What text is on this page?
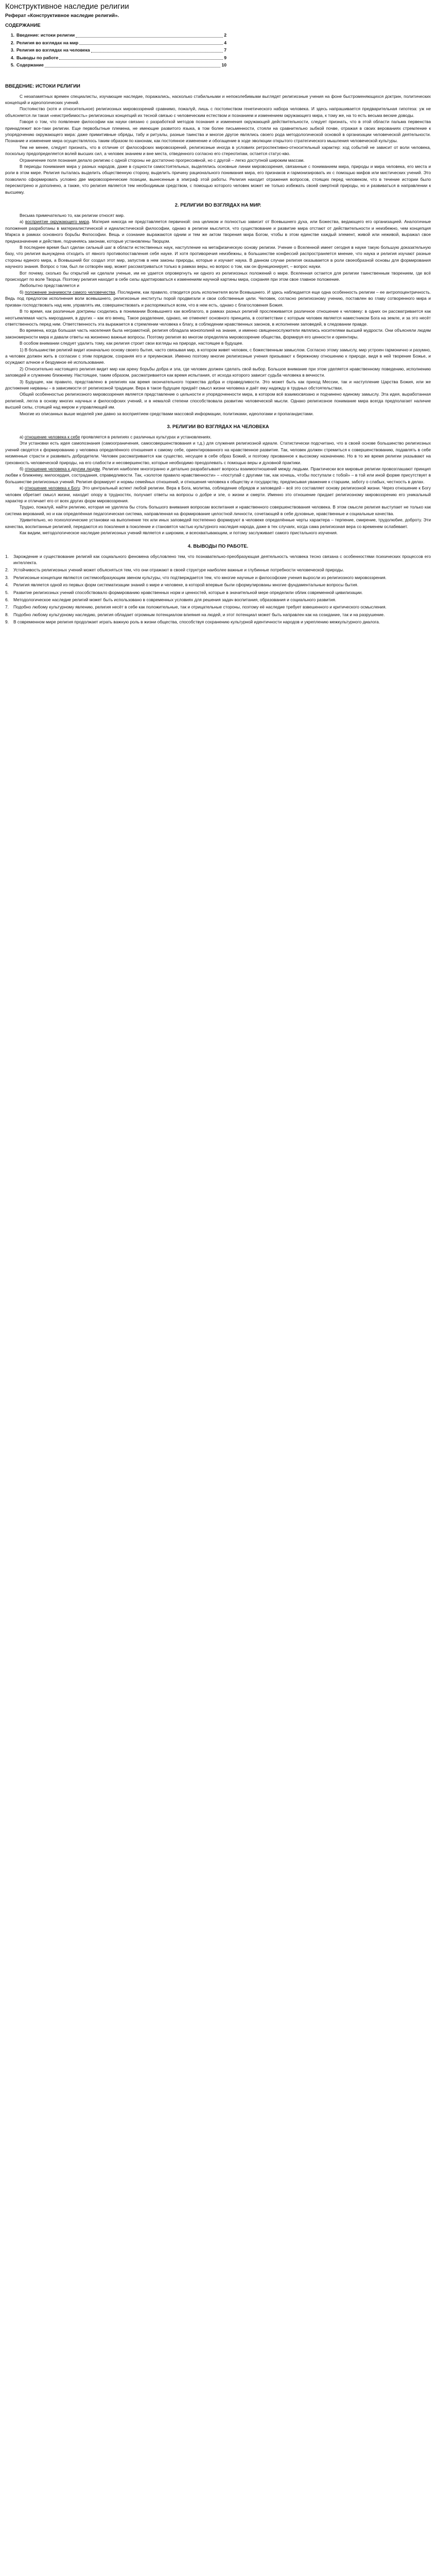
Конструктивное наследие религии
Реферат «Конструктивное наследие религий».
СОДЕРЖАНИЕ
1. Введение: истоки религии	2
2. Религия во взглядах на мир	4
3. Религия во взглядах на человека	7
4. Выводы по работе	9
5. Содержание	10
ВВЕДЕНИЕ: ИСТОКИ РЕЛИГИИ

С незапамятных времен специалисты, изучающие наследие, поражались, насколько стабильными и непоколебимыми выглядят религиозные учения на фоне быстроменяющихся доктрин, политических концепций и идеологических учений.

Постоянство (хотя и относительное) религиозных мировоззрений сравнимо, пожалуй, лишь с постоянством генетического набора человека. И здесь напрашивается предварительная гипотеза: уж не объясняется ли такая «неистребимость» религиозных концепций их тесной связью с человеческим естеством и познанием и изменением окружающего мира, к тому же, на то есть весьма веские доводы.

Говоря о том, что появление философии как науки связано с разработкой методов познания и изменения окружающей действительности, следует признать, что в этой области пальма первенства принадлежит все-таки религии. Еще первобытные племена, не имеющие развитого языка, в том более письменности, стояли на сравнительно зыбкой почве, отражая в своих верованиях стремление к упорядочению окружающего мира: даже примитивные обряды, табу и ритуалы, разные таинства и многое другое являлись своего рода методологической основой в организации человеческой деятельности. Познание и изменение мира осуществлялось таким образом по канонам, как постоянное изменение и обогащение в ходе эволюции открытого стратегического мышления человеческой культуры.

Тем не менее, следует признать, что в отличие от философских мировоззрений, религиозные иногда в условиях ретроспективно-относительный характер: ход событий не зависит от воли человека, поскольку предопределяется волей высших сил, а человек знанием и вне места, отведенного согласно его стереотипам, остается статус-кво.

Ограничение поля познания делало религию с одной стороны не достаточно прогрессивной, но с другой – легко доступной широким массам.

В периоды понимания мира у разных народов, даже в сущности самостоятельных, выделялись основные линии мировоззрения, связанные с пониманием мира, природы и мира человека, его места и роли в этом мире. Религия пыталась выделить общественную сторону, выделить причину рационального понимания мира, его признаков и гармонизировать их с помощью мифов или мистических учений. Это позволило сформировать условно две мировоззренческие позиции, вынесенные в эпиграф этой работы. Религия находит отражения вопросов, стоящих перед человеком, что в течение истории было пересмотрено и дополнено, а также, что религия является тем необходимым средством, с помощью которого человек может не только избежать своей смертной природы, но и развиваться в направлении к высшему.

2. РЕЛИГИИ ВО ВЗГЛЯДАХ НА МИР.

Весьма примечательно то, как религии относят мир.

а) восприятие окружающего мира. Материя никогда не представляется первичной: она целиком и полностью зависит от Всевышнего духа, или Божества, ведающего его организацией. Аналогичные положения разработаны в материалистической и идеалистической философии, однако в религии мыслится, что существование и развитие мира отстают от действительности и неизбежно, чем концепция Маркса в рамках основного борьбы Философии. Вещь и сознание выражаются одним и тем же актом творения мира Богом, чтобы в этом единстве каждый элемент, живой или неживой, выражал свое предназначение и действие, подчиняясь законам, которые установлены Творцом.

В последнее время был сделан сильный шаг в области естественных наук, наступление на метафизическую основу религии. Учение о Вселенной имеет сегодня в науке такую большую доказательную базу, что религия вынуждена отходить от явного противопоставления себя науке. И хотя противоречия неизбежны, в большинстве конфессий распространяется мнение, что наука и религия изучают разные стороны единого мира, а Всевышний бог создал этот мир, запустив в нем законы природы, которые и изучает наука. В данном случае религия оказывается в роли своеобразной основы для формирования научного знания. Вопрос о том, был ли сотворён мир, может рассматриваться только в рамках веры, но вопрос о том, как он функционирует, – вопрос науки.

Вот почему, сколько бы открытий ни сделали ученые, им не удается опровергнуть ни одного из религиозных положений о мире. Вселенная остается для религии таинственным творением, где всё происходит по воле Творца. Поэтому религия находит в себе силы адаптироваться к изменениям научной картины мира, сохраняя при этом свое главное положение.

Любопытно представляется и

б) положение значимости самого человечества. Последнем, как правило, отводится роль исполнителя воли Всевышнего. И здесь наблюдается еще одна особенность религии – ее антропоцентричность. Ведь под предлогом исполнения воли всевышнего, религиозные институты порой продвигали и свои собственные цели. Человек, согласно религиозному учению, поставлен во главу сотворенного мира и призван господствовать над ним, управлять им, совершенствовать и распоряжаться всем, что в нем есть, однако с благословения Божия.

В то время, как различные доктрины сходились в понимании Всевышнего как всеблагого, в рамках разных религий прослеживается различное отношение к человеку: в одних он рассматривается как неотъемлемая часть мироздания, в других – как его венец. Такое разделение, однако, не отменяет основного принципа, в соответствии с которым человек является наместником Бога на земле, и за это несёт ответственность перед ним. Ответственность эта выражается в стремлении человека к благу, в соблюдении нравственных законов, в исполнении заповедей, в следовании правде.

Во времена, когда большая часть населения была неграмотной, религия обладала монополией на знание, и именно священнослужители являлись носителями высшей мудрости. Они объясняли людям закономерности мира и давали ответы на жизненно важные вопросы. Поэтому религия во многом определяла мировоззрение общества, формируя его ценности и ориентиры.

В особом внимании следует удалить тому, как религия строит свои взгляды на природе, настоящее в будущее.

1) В большинстве религий видит изначально основу своего бытия, часто связывая мир, в котором живет человек, с божественным замыслом. Согласно этому замыслу, мир устроен гармонично и разумно, а человек должен жить в согласии с этим порядком, сохраняя его и преумножая. Именно поэтому многие религиозные учения призывают к бережному отношению к природе, видя в ней творение Божье, и осуждают алчное и бездумное её использование.

2) Относительно настоящего религия видит мир как арену борьбы добра и зла, где человек должен сделать свой выбор. Большое внимание при этом уделяется нравственному поведению, исполнению заповедей и служению ближнему. Настоящее, таким образом, рассматривается как время испытания, от исхода которого зависит судьба человека в вечности.

3) Будущее, как правило, представлено в религиях как время окончательного торжества добра и справедливости. Это может быть как приход Мессии, так и наступление Царства Божия, или же достижение нирваны – в зависимости от религиозной традиции. Вера в такое будущее придаёт смысл жизни человека и даёт ему надежду в трудных обстоятельствах.

Общей особенностью религиозного мировоззрения является представление о цельности и упорядоченности мира, в котором всё взаимосвязано и подчинено единому замыслу. Эта идея, выработанная религией, легла в основу многих научных и философских учений, и в немалой степени способствовала развитию человеческой мысли. Однако религиозное понимание мира всегда предполагает наличие высшей силы, стоящей над миром и управляющей им.

Многие из описанных выше моделей уже давно за восприятием средствами массовой информации, политиками, идеологами и пропагандистами.

3. РЕЛИГИИ ВО ВЗГЛЯДАХ НА ЧЕЛОВЕКА

а) отношение человека к себе проявляется в религиях с различных культурах и установлениях.

Эти установки есть идея самопознания (самоограничения, самосовершенствования и т.д.) для служения религиозной идеале. Статистически подсчитано, что в своей основе большинство религиозных учений сводятся к формированию у человека определённого отношения к самому себе, ориентированного на нравственное развитие. Так, человек должен стремиться к совершенствованию, подавлять в себе низменные страсти и развивать добродетели. Человек рассматривается как существо, несущее в себе образ Божий, и поэтому призванное к высокому назначению. Но в то же время религии указывают на греховность человеческой природы, на его слабости и несовершенство, которые необходимо преодолевать с помощью веры и духовной практики.

б) отношение человека к другим людям. Религия наиболее многогранно и детально разрабатывает вопросы взаимоотношений между людьми. Практически все мировые религии провозглашают принцип любви к ближнему, милосердия, сострадания, справедливости. Так, «золотое правило нравственности» – «поступай с другими так, как хочешь, чтобы поступали с тобой» – в той или иной форме присутствует в большинстве религиозных учений. Религия формирует и нормы семейных отношений, и отношения человека к обществу и государству, предписывая уважение к старшим, заботу о слабых, честность в делах.

в) отношение человека к Богу. Это центральный аспект любой религии. Вера в Бога, молитва, соблюдение обрядов и заповедей – всё это составляет основу религиозной жизни. Через отношение к Богу человек обретает смысл жизни, находит опору в трудностях, получает ответы на вопросы о добре и зле, о жизни и смерти. Именно это отношение придает религиозному мировоззрению его уникальный характер и отличает его от всех других форм мировоззрения.

Трудно, пожалуй, найти религию, которая не уделяла бы столь большого внимания вопросам воспитания и нравственного совершенствования человека. В этом смысле религия выступает не только как система верований, но и как определённая педагогическая система, направленная на формирование целостной личности, сочетающей в себе духовные, нравственные и социальные качества.

Удивительно, но психологические установки на выполнение тех или иных заповедей постепенно формируют в человеке определённые черты характера – терпение, смирение, трудолюбие, доброту. Эти качества, воспитанные религией, передаются из поколения в поколение и становятся частью культурного наследия народа, даже в тех случаях, когда сама религиозная вера со временем ослабевает.

Как видим, методологическое наследие религиозных учений является и широким, и всеохватывающим, и потому заслуживает самого пристального изучения.

4. ВЫВОДЫ ПО РАБОТЕ.
1. Зарождение и существование религий как социального феномена обусловлено тем, что познавательно-преобразующая деятельность человека тесно связана с особенностями психических процессов его интеллекта.
2. Устойчивость религиозных учений может объясняться тем, что они отражают в своей структуре наиболее важные и глубинные потребности человеческой природы.
3. Религиозные концепции являются системообразующим звеном культуры, что подтверждается тем, что многие научные и философские учения выросли из религиозного мировоззрения.
4. Религия является одной из первых форм систематизации знаний о мире и человеке, в которой впервые были сформулированы многие фундаментальные вопросы бытия.
5. Развитие религиозных учений способствовало формированию нравственных норм и ценностей, которые в значительной мере определили облик современной цивилизации.
6. Методологическое наследие религий может быть использовано в современных условиях для решения задач воспитания, образования и социального развития.
7. Подобно любому культурному явлению, религия несёт в себе как положительные, так и отрицательные стороны, поэтому её наследие требует взвешенного и критического осмысления.
8. Подобно любому культурному наследию, религия обладает огромным потенциалом влияния на людей, и этот потенциал может быть направлен как на созидание, так и на разрушение.
9. В современном мире религия продолжает играть важную роль в жизни общества, способствуя сохранению культурной идентичности народов и укреплению межкультурного диалога.
